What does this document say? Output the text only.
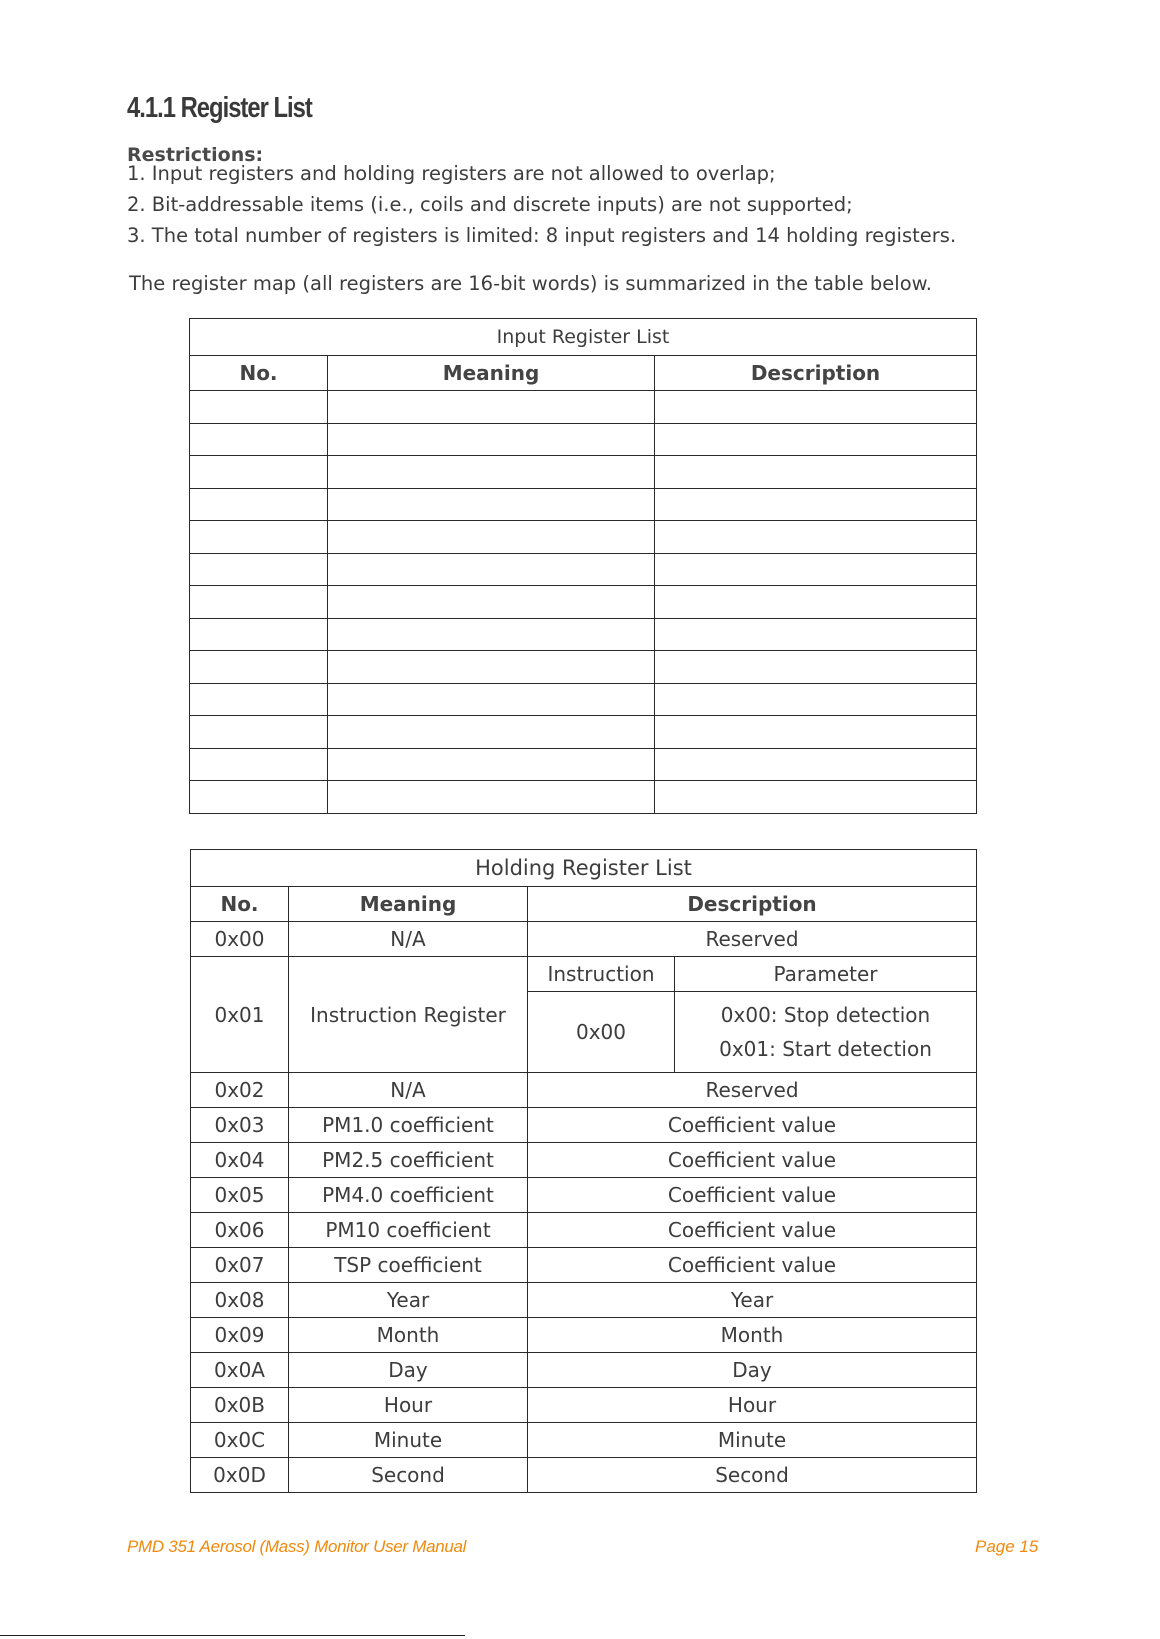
4.1.1 Register List
Restrictions:
1. Input registers and holding registers are not allowed to overlap;
2. Bit-addressable items (i.e., coils and discrete inputs) are not supported;
3. The total number of registers is limited: 8 input registers and 14 holding registers.
The register map (all registers are 16-bit words) is summarized in the table below.
Input Register List		
No.	Meaning	Description

Holding Register List			
No.	Meaning	Description	
0x00	N/A	Reserved	
0x01	Instruction Register	Instruction	Parameter
		0x00	0x00: Stop detection
0x01: Start detection

0x02	N/A	Reserved	
0x03	PM1.0 coefficient	Coefficient value	
0x04	PM2.5 coefficient	Coefficient value	
0x05	PM4.0 coefficient	Coefficient value	
0x06	PM10 coefficient	Coefficient value	
0x07	TSP coefficient	Coefficient value	
0x08	Year	Year	
0x09	Month	Month	
0x0A	Day	Day	
0x0B	Hour	Hour	
0x0C	Minute	Minute	
0x0D	Second	Second	
PMD 351 Aerosol (Mass) Monitor User Manual	Page 15
